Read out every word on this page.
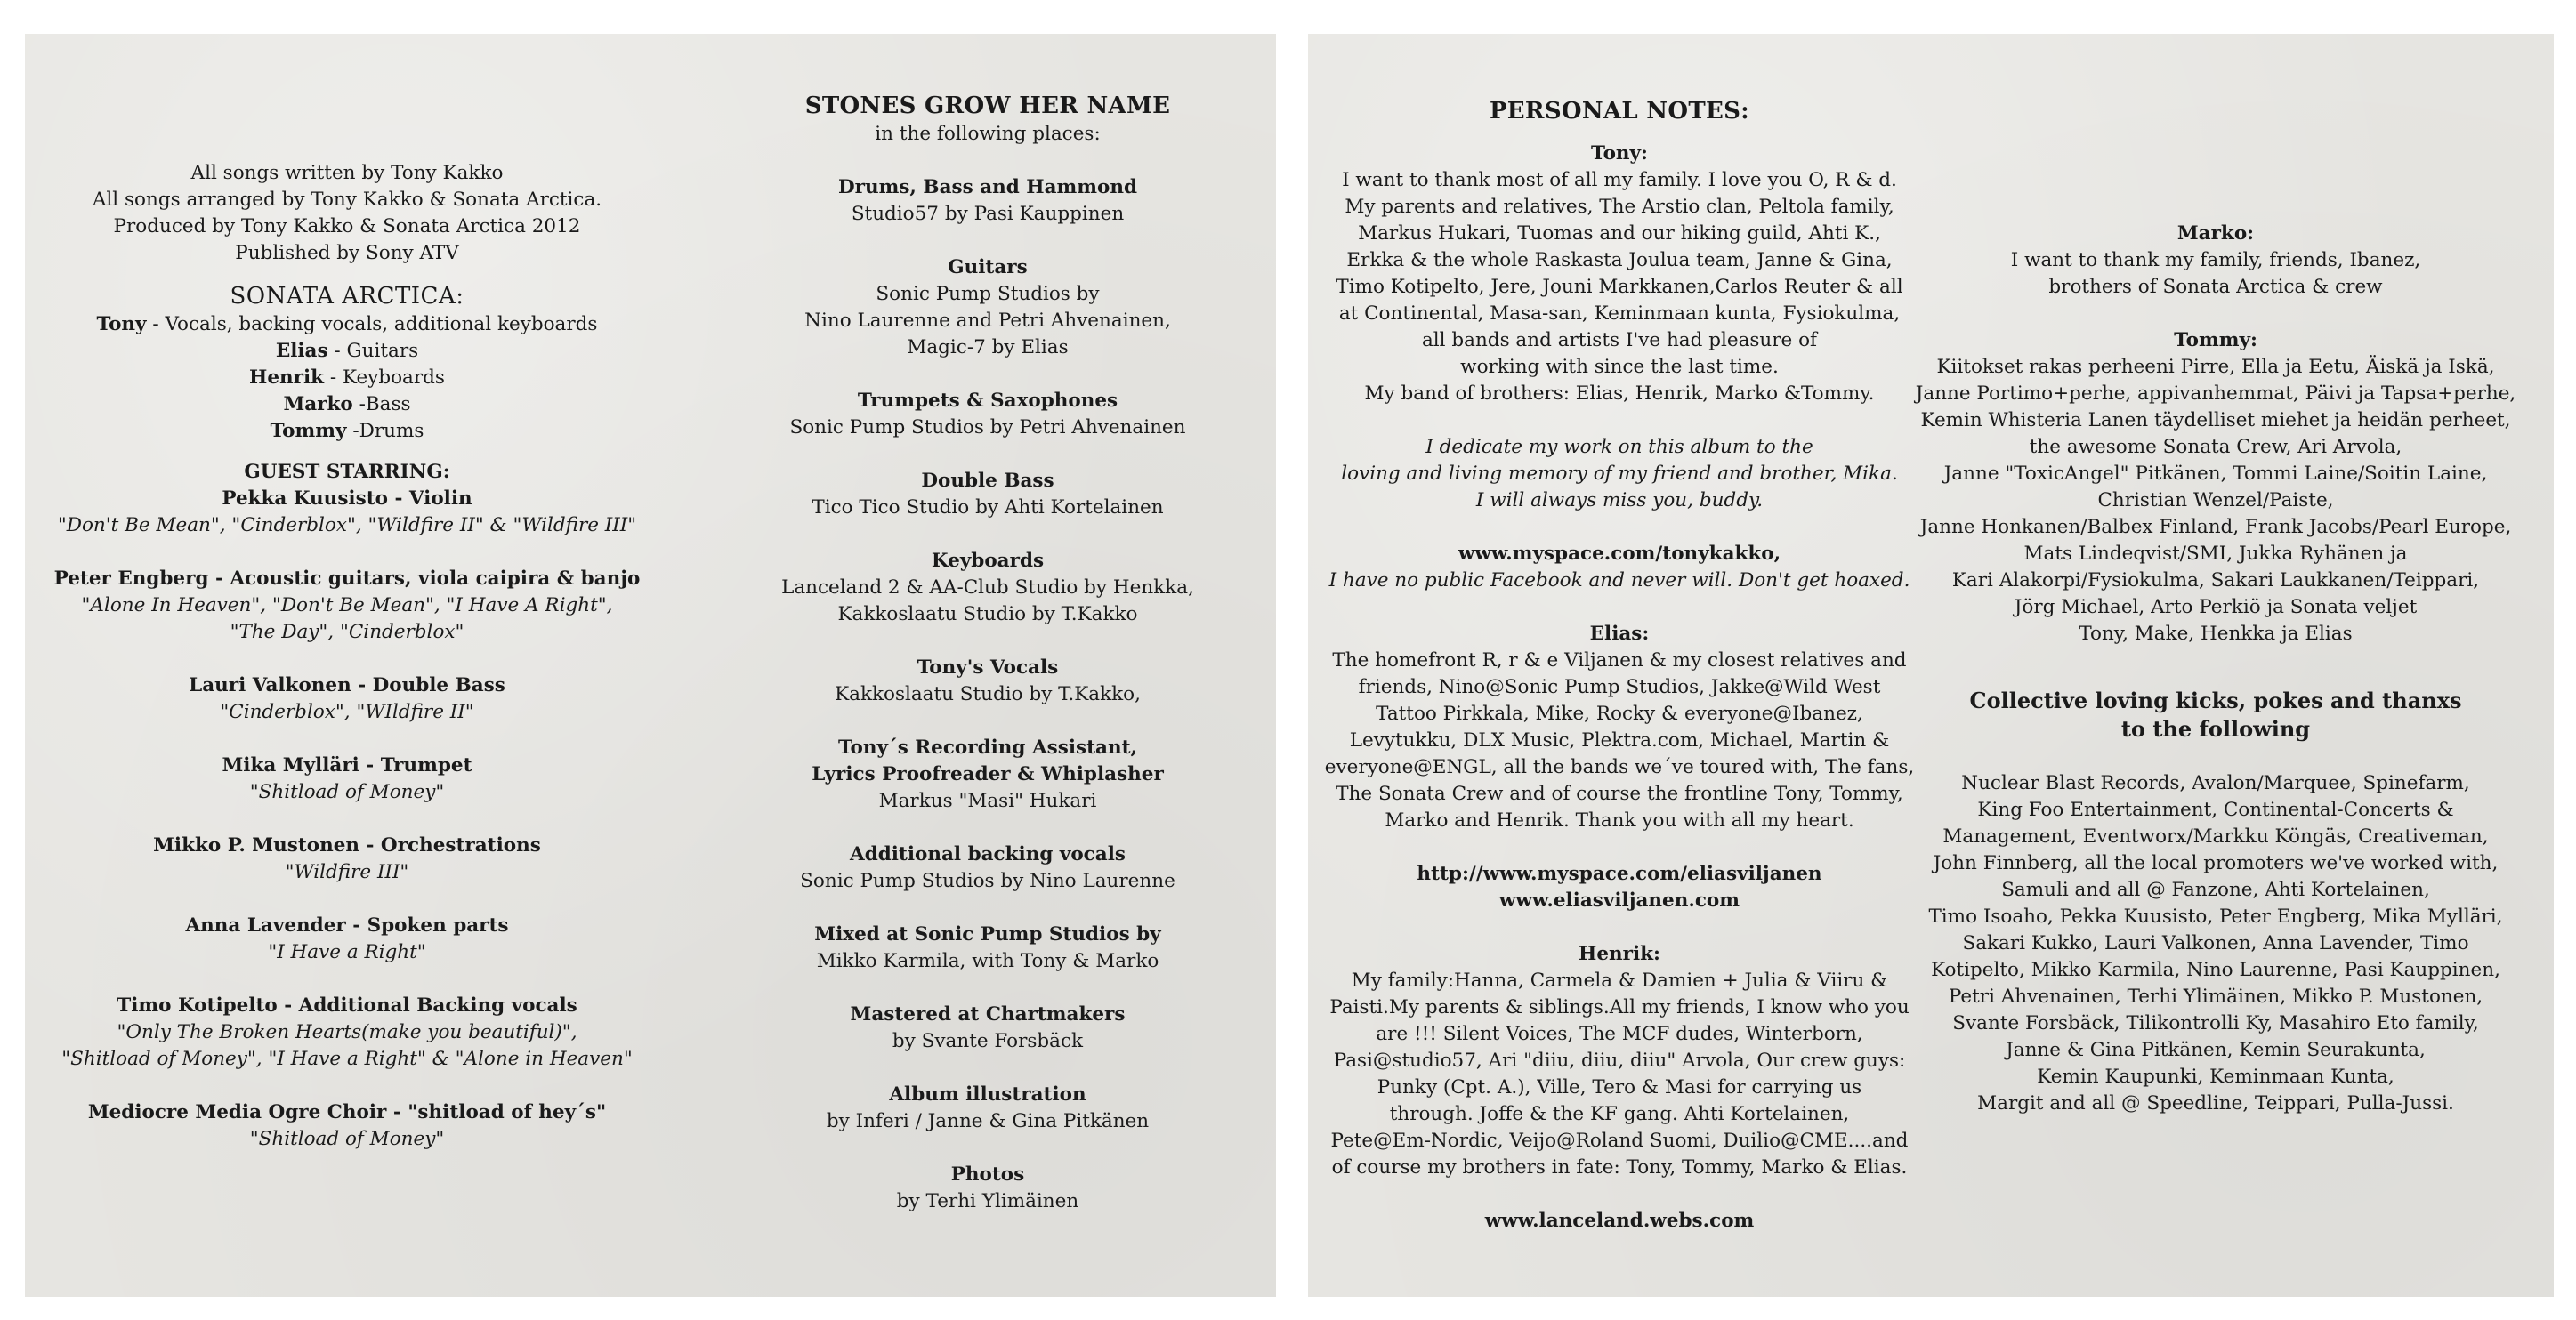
All songs written by Tony Kakko
All songs arranged by Tony Kakko & Sonata Arctica.
Produced by Tony Kakko & Sonata Arctica 2012
Published by Sony ATV
SONATA ARCTICA:
Tony - Vocals, backing vocals, additional keyboards
Elias - Guitars
Henrik - Keyboards
Marko -Bass
Tommy -Drums
GUEST STARRING:
Pekka Kuusisto - Violin
"Don't Be Mean", "Cinderblox", "Wildfire II" & "Wildfire III"
Peter Engberg - Acoustic guitars, viola caipira & banjo
"Alone In Heaven", "Don't Be Mean", "I Have A Right",
"The Day", "Cinderblox"
Lauri Valkonen - Double Bass
"Cinderblox", "WIldfire II"
Mika Mylläri - Trumpet
"Shitload of Money"
Mikko P. Mustonen - Orchestrations
"Wildfire III"
Anna Lavender - Spoken parts
"I Have a Right"
Timo Kotipelto - Additional Backing vocals
"Only The Broken Hearts(make you beautiful)",
"Shitload of Money", "I Have a Right" & "Alone in Heaven"
Mediocre Media Ogre Choir - "shitload of hey´s"
"Shitload of Money"
STONES GROW HER NAME
in the following places:
Drums, Bass and Hammond
Studio57 by Pasi Kauppinen
Guitars
Sonic Pump Studios by
Nino Laurenne and Petri Ahvenainen,
Magic-7 by Elias
Trumpets & Saxophones
Sonic Pump Studios by Petri Ahvenainen
Double Bass
Tico Tico Studio by Ahti Kortelainen
Keyboards
Lanceland 2 & AA-Club Studio by Henkka,
Kakkoslaatu Studio by T.Kakko
Tony's Vocals
Kakkoslaatu Studio by T.Kakko,
Tony´s Recording Assistant,
Lyrics Proofreader & Whiplasher
Markus "Masi" Hukari
Additional backing vocals
Sonic Pump Studios by Nino Laurenne
Mixed at Sonic Pump Studios by
Mikko Karmila, with Tony & Marko
Mastered at Chartmakers
by Svante Forsbäck
Album illustration
by Inferi / Janne & Gina Pitkänen
Photos
by Terhi Ylimäinen
PERSONAL NOTES:
Tony:
I want to thank most of all my family. I love you O, R & d.
My parents and relatives, The Arstio clan, Peltola family,
Markus Hukari, Tuomas and our hiking guild, Ahti K.,
Erkka & the whole Raskasta Joulua team, Janne & Gina,
Timo Kotipelto, Jere, Jouni Markkanen,Carlos Reuter & all
at Continental, Masa-san, Keminmaan kunta, Fysiokulma,
all bands and artists I've had pleasure of
working with since the last time.
My band of brothers: Elias, Henrik, Marko &Tommy.
I dedicate my work on this album to the
loving and living memory of my friend and brother, Mika.
I will always miss you, buddy.
www.myspace.com/tonykakko,
I have no public Facebook and never will. Don't get hoaxed.
Elias:
The homefront R, r & e Viljanen & my closest relatives and
friends, Nino@Sonic Pump Studios, Jakke@Wild West
Tattoo Pirkkala, Mike, Rocky & everyone@Ibanez,
Levytukku, DLX Music, Plektra.com, Michael, Martin &
everyone@ENGL, all the bands we´ve toured with, The fans,
The Sonata Crew and of course the frontline Tony, Tommy,
Marko and Henrik. Thank you with all my heart.
http://www.myspace.com/eliasviljanen
www.eliasviljanen.com
Henrik:
My family:Hanna, Carmela & Damien + Julia & Viiru &
Paisti.My parents & siblings.All my friends, I know who you
are !!! Silent Voices, The MCF dudes, Winterborn,
Pasi@studio57, Ari "diiu, diiu, diiu" Arvola, Our crew guys:
Punky (Cpt. A.), Ville, Tero & Masi for carrying us
through. Joffe & the KF gang. Ahti Kortelainen,
Pete@Em-Nordic, Veijo@Roland Suomi, Duilio@CME....and
of course my brothers in fate: Tony, Tommy, Marko & Elias.
www.lanceland.webs.com
Marko:
I want to thank my family, friends, Ibanez,
brothers of Sonata Arctica & crew
Tommy:
Kiitokset rakas perheeni Pirre, Ella ja Eetu, Äiskä ja Iskä,
Janne Portimo+perhe, appivanhemmat, Päivi ja Tapsa+perhe,
Kemin Whisteria Lanen täydelliset miehet ja heidän perheet,
the awesome Sonata Crew, Ari Arvola,
Janne "ToxicAngel" Pitkänen, Tommi Laine/Soitin Laine,
Christian Wenzel/Paiste,
Janne Honkanen/Balbex Finland, Frank Jacobs/Pearl Europe,
Mats Lindeqvist/SMI, Jukka Ryhänen ja
Kari Alakorpi/Fysiokulma, Sakari Laukkanen/Teippari,
Jörg Michael, Arto Perkiö ja Sonata veljet
Tony, Make, Henkka ja Elias
Collective loving kicks, pokes and thanxs
to the following
Nuclear Blast Records, Avalon/Marquee, Spinefarm,
King Foo Entertainment, Continental-Concerts &
Management, Eventworx/Markku Köngäs, Creativeman,
John Finnberg, all the local promoters we've worked with,
Samuli and all @ Fanzone, Ahti Kortelainen,
Timo Isoaho, Pekka Kuusisto, Peter Engberg, Mika Mylläri,
Sakari Kukko, Lauri Valkonen, Anna Lavender, Timo
Kotipelto, Mikko Karmila, Nino Laurenne, Pasi Kauppinen,
Petri Ahvenainen, Terhi Ylimäinen, Mikko P. Mustonen,
Svante Forsbäck, Tilikontrolli Ky, Masahiro Eto family,
Janne & Gina Pitkänen, Kemin Seurakunta,
Kemin Kaupunki, Keminmaan Kunta,
Margit and all @ Speedline, Teippari, Pulla-Jussi.
